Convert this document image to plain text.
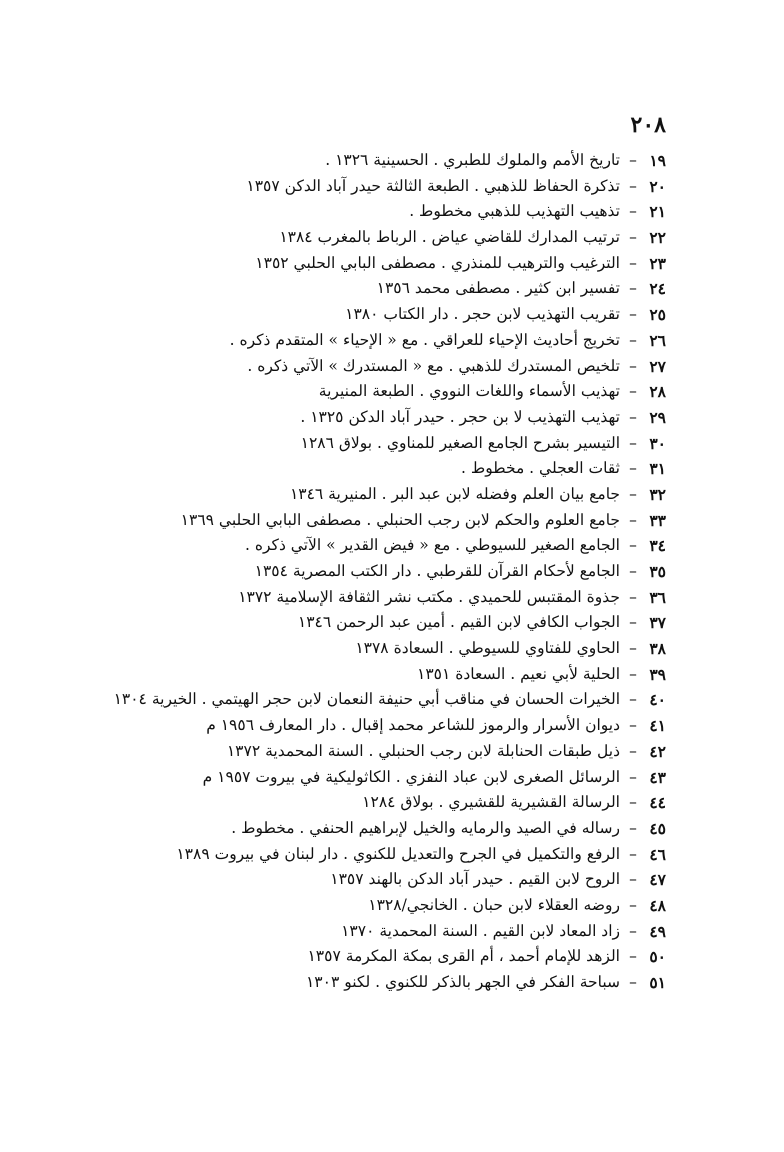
٢٠٨
١٩
–
تاريخ الأمم والملوك للطبري . الحسينية ١٣٢٦ .
٢٠
–
تذكرة الحفاظ للذهبي . الطبعة الثالثة حيدر آباد الدكن ١٣٥٧
٢١
–
تذهيب التهذيب للذهبي مخطوط .
٢٢
–
ترتيب المدارك للقاضي عياض . الرباط بالمغرب ١٣٨٤
٢٣
–
الترغيب والترهيب للمنذري . مصطفى البابي الحلبي ١٣٥٢
٢٤
–
تفسير ابن كثير . مصطفى محمد ١٣٥٦
٢٥
–
تقريب التهذيب لابن حجر . دار الكتاب ١٣٨٠
٢٦
–
تخريج أحاديث الإحياء للعراقي . مع « الإحياء » المتقدم ذكره .
٢٧
–
تلخيص المستدرك للذهبي . مع « المستدرك » الآتي ذكره .
٢٨
–
تهذيب الأسماء واللغات النووي . الطبعة المنيرية
٢٩
–
تهذيب التهذيب لا بن حجر . حيدر آباد الدكن ١٣٢٥ .
٣٠
–
التيسير بشرح الجامع الصغير للمناوي . بولاق ١٢٨٦
٣١
–
ثقات العجلي . مخطوط .
٣٢
–
جامع بيان العلم وفضله لابن عبد البر . المنيرية ١٣٤٦
٣٣
–
جامع العلوم والحكم لابن رجب الحنبلي . مصطفى البابي الحلبي ١٣٦٩
٣٤
–
الجامع الصغير للسيوطي . مع « فيض القدير » الآتي ذكره .
٣٥
–
الجامع لأحكام القرآن للقرطبي . دار الكتب المصرية ١٣٥٤
٣٦
–
جذوة المقتبس للحميدي . مكتب نشر الثقافة الإسلامية ١٣٧٢
٣٧
–
الجواب الكافي لابن القيم . أمين عبد الرحمن ١٣٤٦
٣٨
–
الحاوي للفتاوي للسيوطي . السعادة ١٣٧٨
٣٩
–
الحلية لأبي نعيم . السعادة ١٣٥١
٤٠
–
الخيرات الحسان في مناقب أبي حنيفة النعمان لابن حجر الهيتمي . الخيرية ١٣٠٤
٤١
–
ديوان الأسرار والرموز للشاعر محمد إقبال . دار المعارف ١٩٥٦ م
٤٢
–
ذيل طبقات الحنابلة لابن رجب الحنبلي . السنة المحمدية ١٣٧٢
٤٣
–
الرسائل الصغرى لابن عباد النفزي . الكاثوليكية في بيروت ١٩٥٧ م
٤٤
–
الرسالة القشيرية للقشيري . بولاق ١٢٨٤
٤٥
–
رساله في الصيد والرمايه والخيل لإبراهيم الحنفي . مخطوط .
٤٦
–
الرفع والتكميل في الجرح والتعديل للكنوي . دار لبنان في بيروت ١٣٨٩
٤٧
–
الروح لابن القيم . حيدر آباد الدكن بالهند ١٣٥٧
٤٨
–
روضه العقلاء لابن حبان . الخانجي/١٣٢٨
٤٩
–
زاد المعاد لابن القيم . السنة المحمدية ١٣٧٠
٥٠
–
الزهد للإمام أحمد ، أم القرى بمكة المكرمة ١٣٥٧
٥١
–
سباحة الفكر في الجهر بالذكر للكنوي . لكنو ١٣٠٣
